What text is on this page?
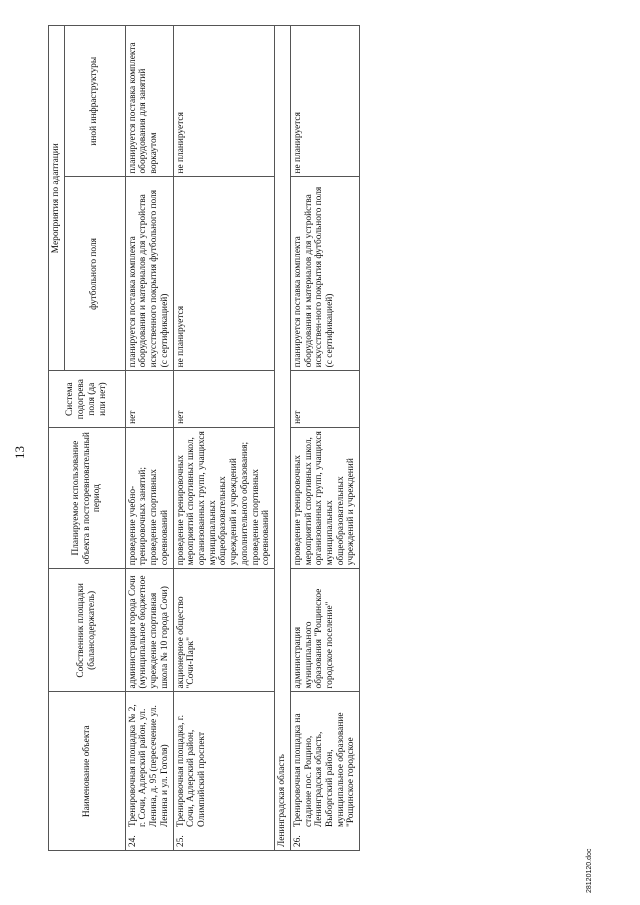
13
Наименование объекта	Собственник площадки (балансодержатель)	Планируемое использование объекта в постсоревновательный период	Система подогрева поля (да или нет)	Мероприятия по адаптации	
				футбольного поля	иной инфраструктуры
24.Тренировочная площадка № 2, г. Сочи, Адлерский район, ул. Ленина, д. 95 (пересечение ул. Ленина и ул. Гоголя)	администрация города Сочи (муниципальное бюджетное учреждение спортивная школа № 10 города Сочи)	проведение учебно-тренировочных занятий; проведение спортивных соревнований	нет	планируется поставка комплекта оборудования и материалов для устройства искусственного покрытия футбольного поля (с сертификацией)	планируется поставка комплекта оборудования для занятий воркаутом
25.Тренировочная площадка, г. Сочи, Адлерский район, Олимпийский проспект	акционерное общество "Сочи-Парк"	проведение тренировочных мероприятий спортивных школ, организованных групп, учащихся муниципальных общеобразовательных учреждений и учреждений дополнительного образования; проведение спортивных соревнований	нет	не планируется	не планируется
Ленинградская область					
26.Тренировочная площадка на стадионе пос. Рощино, Ленинградская область, Выборгский район, муниципальное образование "Рощинское городское	администрация муниципального образования "Рощинское городское поселение"	проведение тренировочных мероприятий спортивных школ, организованных групп, учащихся муниципальных общеобразовательных учреждений и учреждений	нет	планируется поставка комплекта оборудования и материалов для устройства искусствен-ного покрытия футбольного поля (с сертификацией)	не планируется
28120120.doc
